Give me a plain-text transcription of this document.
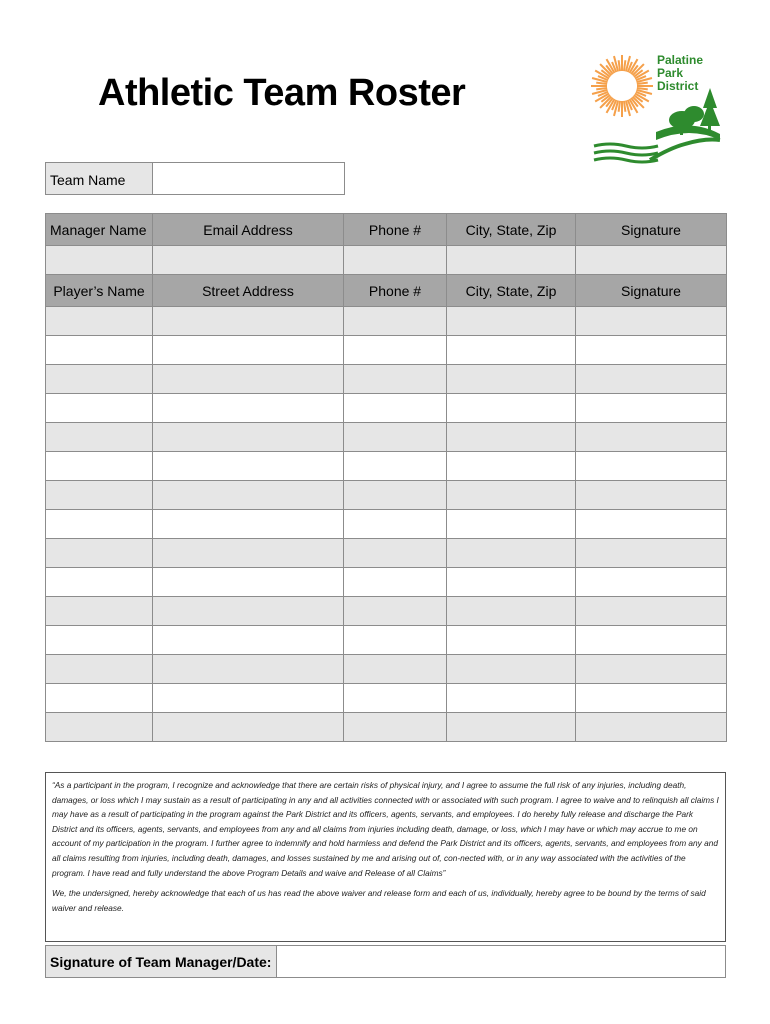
Athletic Team Roster
Palatine
Park
District
Team Name
Manager Name	Email Address	Phone #	City, State, Zip	Signature

Player’s Name	Street Address	Phone #	City, State, Zip	Signature

“As a participant in the program, I recognize and acknowledge that there are certain risks of physical injury, and I agree to assume the full risk of any injuries, including death, damages, or loss which I may sustain as a result of participating in any and all activities connected with or associated with such program. I agree to waive and to relinquish all claims I may have as a result of participating in the program against the Park District and its officers, agents, servants, and employees. I do hereby fully release and discharge the Park District and its officers, agents, servants, and employees from any and all claims from injuries including death, damage, or loss, which I may have or which may accrue to me on account of my participation in the program. I further agree to indemnify and hold harmless and defend the Park District and its officers, agents, servants, and employees from any and all claims resulting from injuries, including death, damages, and losses sustained by me and arising out of, con-nected with, or in any way associated with the activities of the program. I have read and fully understand the above Program Details and waive and Release of all Claims”

We, the undersigned, hereby acknowledge that each of us has read the above waiver and release form and each of us, individually, hereby agree to be bound by the terms of said waiver and release.

Signature of Team Manager/Date:
